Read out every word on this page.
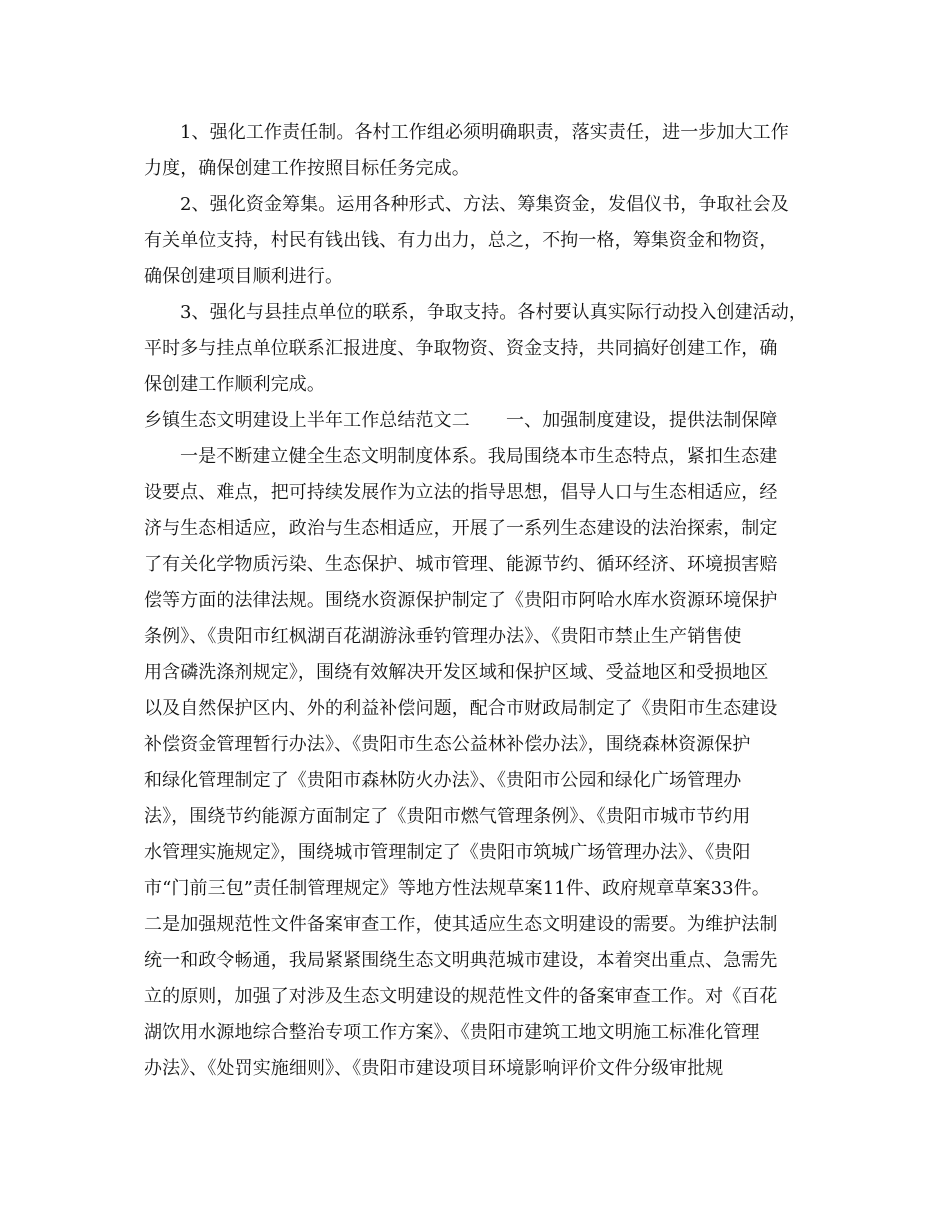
1、强化工作责任制。各村工作组必须明确职责，落实责任，进一步加大工作
力度，确保创建工作按照目标任务完成。
2、强化资金筹集。运用各种形式、方法、筹集资金，发倡仪书，争取社会及
有关单位支持，村民有钱出钱、有力出力，总之，不拘一格，筹集资金和物资，
确保创建项目顺利进行。
3、强化与县挂点单位的联系，争取支持。各村要认真实际行动投入创建活动，
平时多与挂点单位联系汇报进度、争取物资、资金支持，共同搞好创建工作，确
保创建工作顺利完成。
乡镇生态文明建设上半年工作总结范文二　　一、加强制度建设，提供法制保障
一是不断建立健全生态文明制度体系。我局围绕本市生态特点，紧扣生态建
设要点、难点，把可持续发展作为立法的指导思想，倡导人口与生态相适应，经
济与生态相适应，政治与生态相适应，开展了一系列生态建设的法治探索，制定
了有关化学物质污染、生态保护、城市管理、能源节约、循环经济、环境损害赔
偿等方面的法律法规。围绕水资源保护制定了《贵阳市阿哈水库水资源环境保护
条例》、《贵阳市红枫湖百花湖游泳垂钓管理办法》、《贵阳市禁止生产销售使
用含磷洗涤剂规定》，围绕有效解决开发区域和保护区域、受益地区和受损地区
以及自然保护区内、外的利益补偿问题，配合市财政局制定了《贵阳市生态建设
补偿资金管理暂行办法》、《贵阳市生态公益林补偿办法》，围绕森林资源保护
和绿化管理制定了《贵阳市森林防火办法》、《贵阳市公园和绿化广场管理办
法》，围绕节约能源方面制定了《贵阳市燃气管理条例》、《贵阳市城市节约用
水管理实施规定》，围绕城市管理制定了《贵阳市筑城广场管理办法》、《贵阳
市“门前三包”责任制管理规定》等地方性法规草案11件、政府规章草案33件。
二是加强规范性文件备案审查工作，使其适应生态文明建设的需要。为维护法制
统一和政令畅通，我局紧紧围绕生态文明典范城市建设，本着突出重点、急需先
立的原则，加强了对涉及生态文明建设的规范性文件的备案审查工作。对《百花
湖饮用水源地综合整治专项工作方案》、《贵阳市建筑工地文明施工标准化管理
办法》、《处罚实施细则》、《贵阳市建设项目环境影响评价文件分级审批规
